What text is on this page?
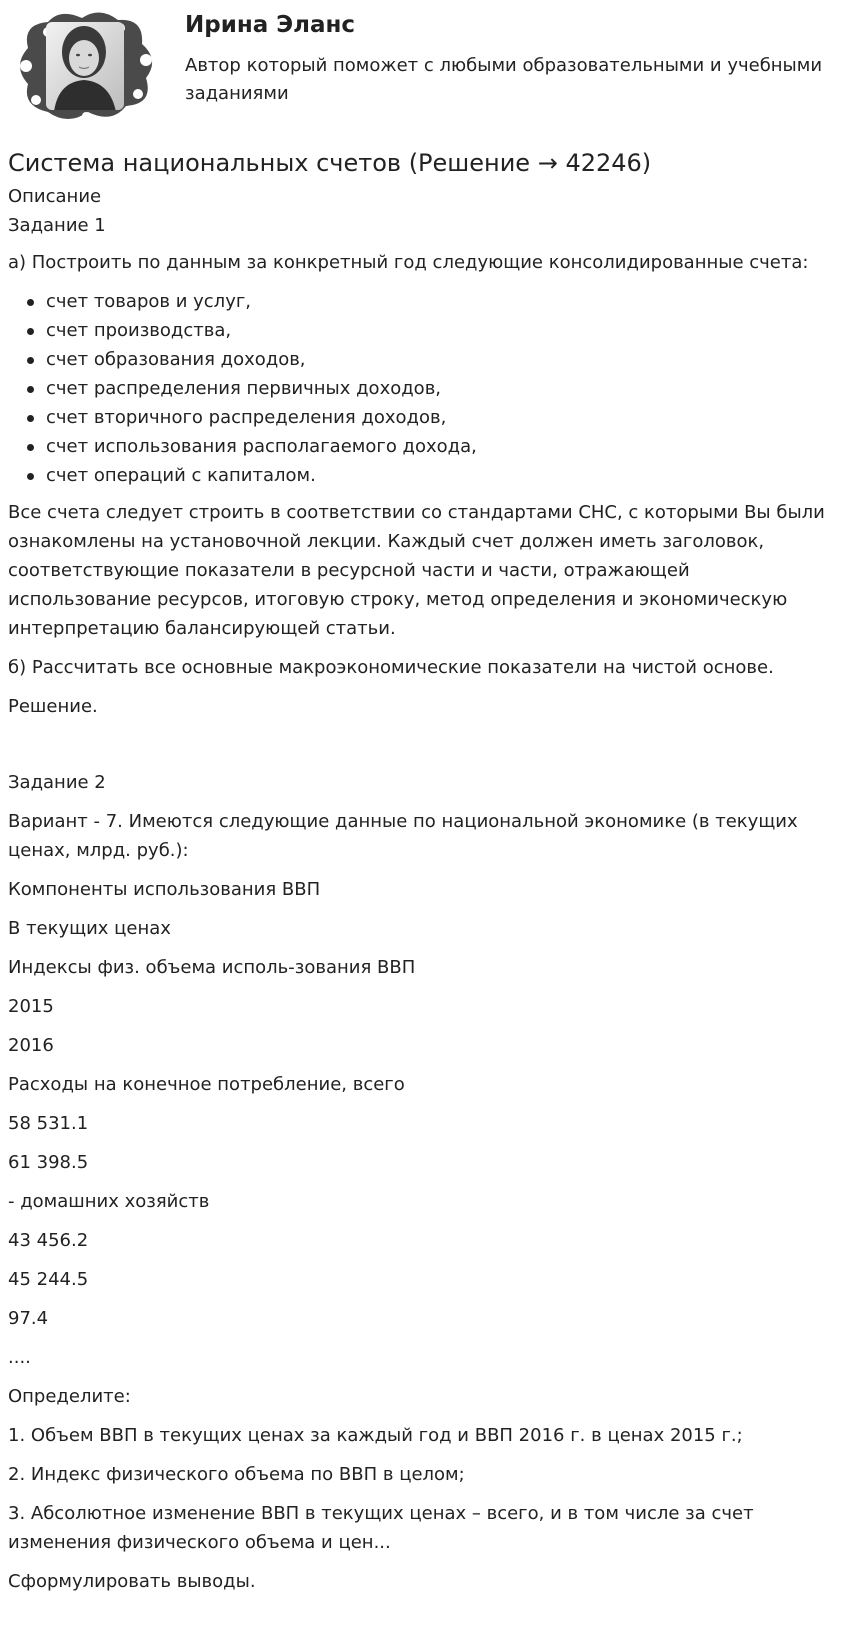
Ирина Эланс
Автор который поможет с любыми образовательными и учебными заданиями
Система национальных счетов (Решение → 42246)

Описание

Задание 1

а) Построить по данным за конкретный год следующие консолидированные счета:

счет товаров и услуг,
счет производства,
счет образования доходов,
счет распределения первичных доходов,
счет вторичного распределения доходов,
счет использования располагаемого дохода,
счет операций с капиталом.

Все счета следует строить в соответствии со стандартами СНС, с которыми Вы были ознакомлены на установочной лекции. Каждый счет должен иметь заголовок, соответствующие показатели в ресурсной части и части, отражающей использование ресурсов, итоговую строку, метод определения и экономическую интерпретацию балансирующей статьи.

б) Рассчитать все основные макроэкономические показатели на чистой основе.

Решение.

Задание 2

Вариант - 7. Имеются следующие данные по национальной экономике (в текущих ценах, млрд. руб.):

Компоненты использования ВВП

В текущих ценах

Индексы физ. объема исполь-зования ВВП

2015

2016

Расходы на конечное потребление, всего

58 531.1

61 398.5

- домашних хозяйств

43 456.2

45 244.5

97.4

....

Определите:

1. Объем ВВП в текущих ценах за каждый год и ВВП 2016 г. в ценах 2015 г.;

2. Индекс физического объема по ВВП в целом;

3. Абсолютное изменение ВВП в текущих ценах – всего, и в том числе за счет изменения физического объема и цен...

Сформулировать выводы.
